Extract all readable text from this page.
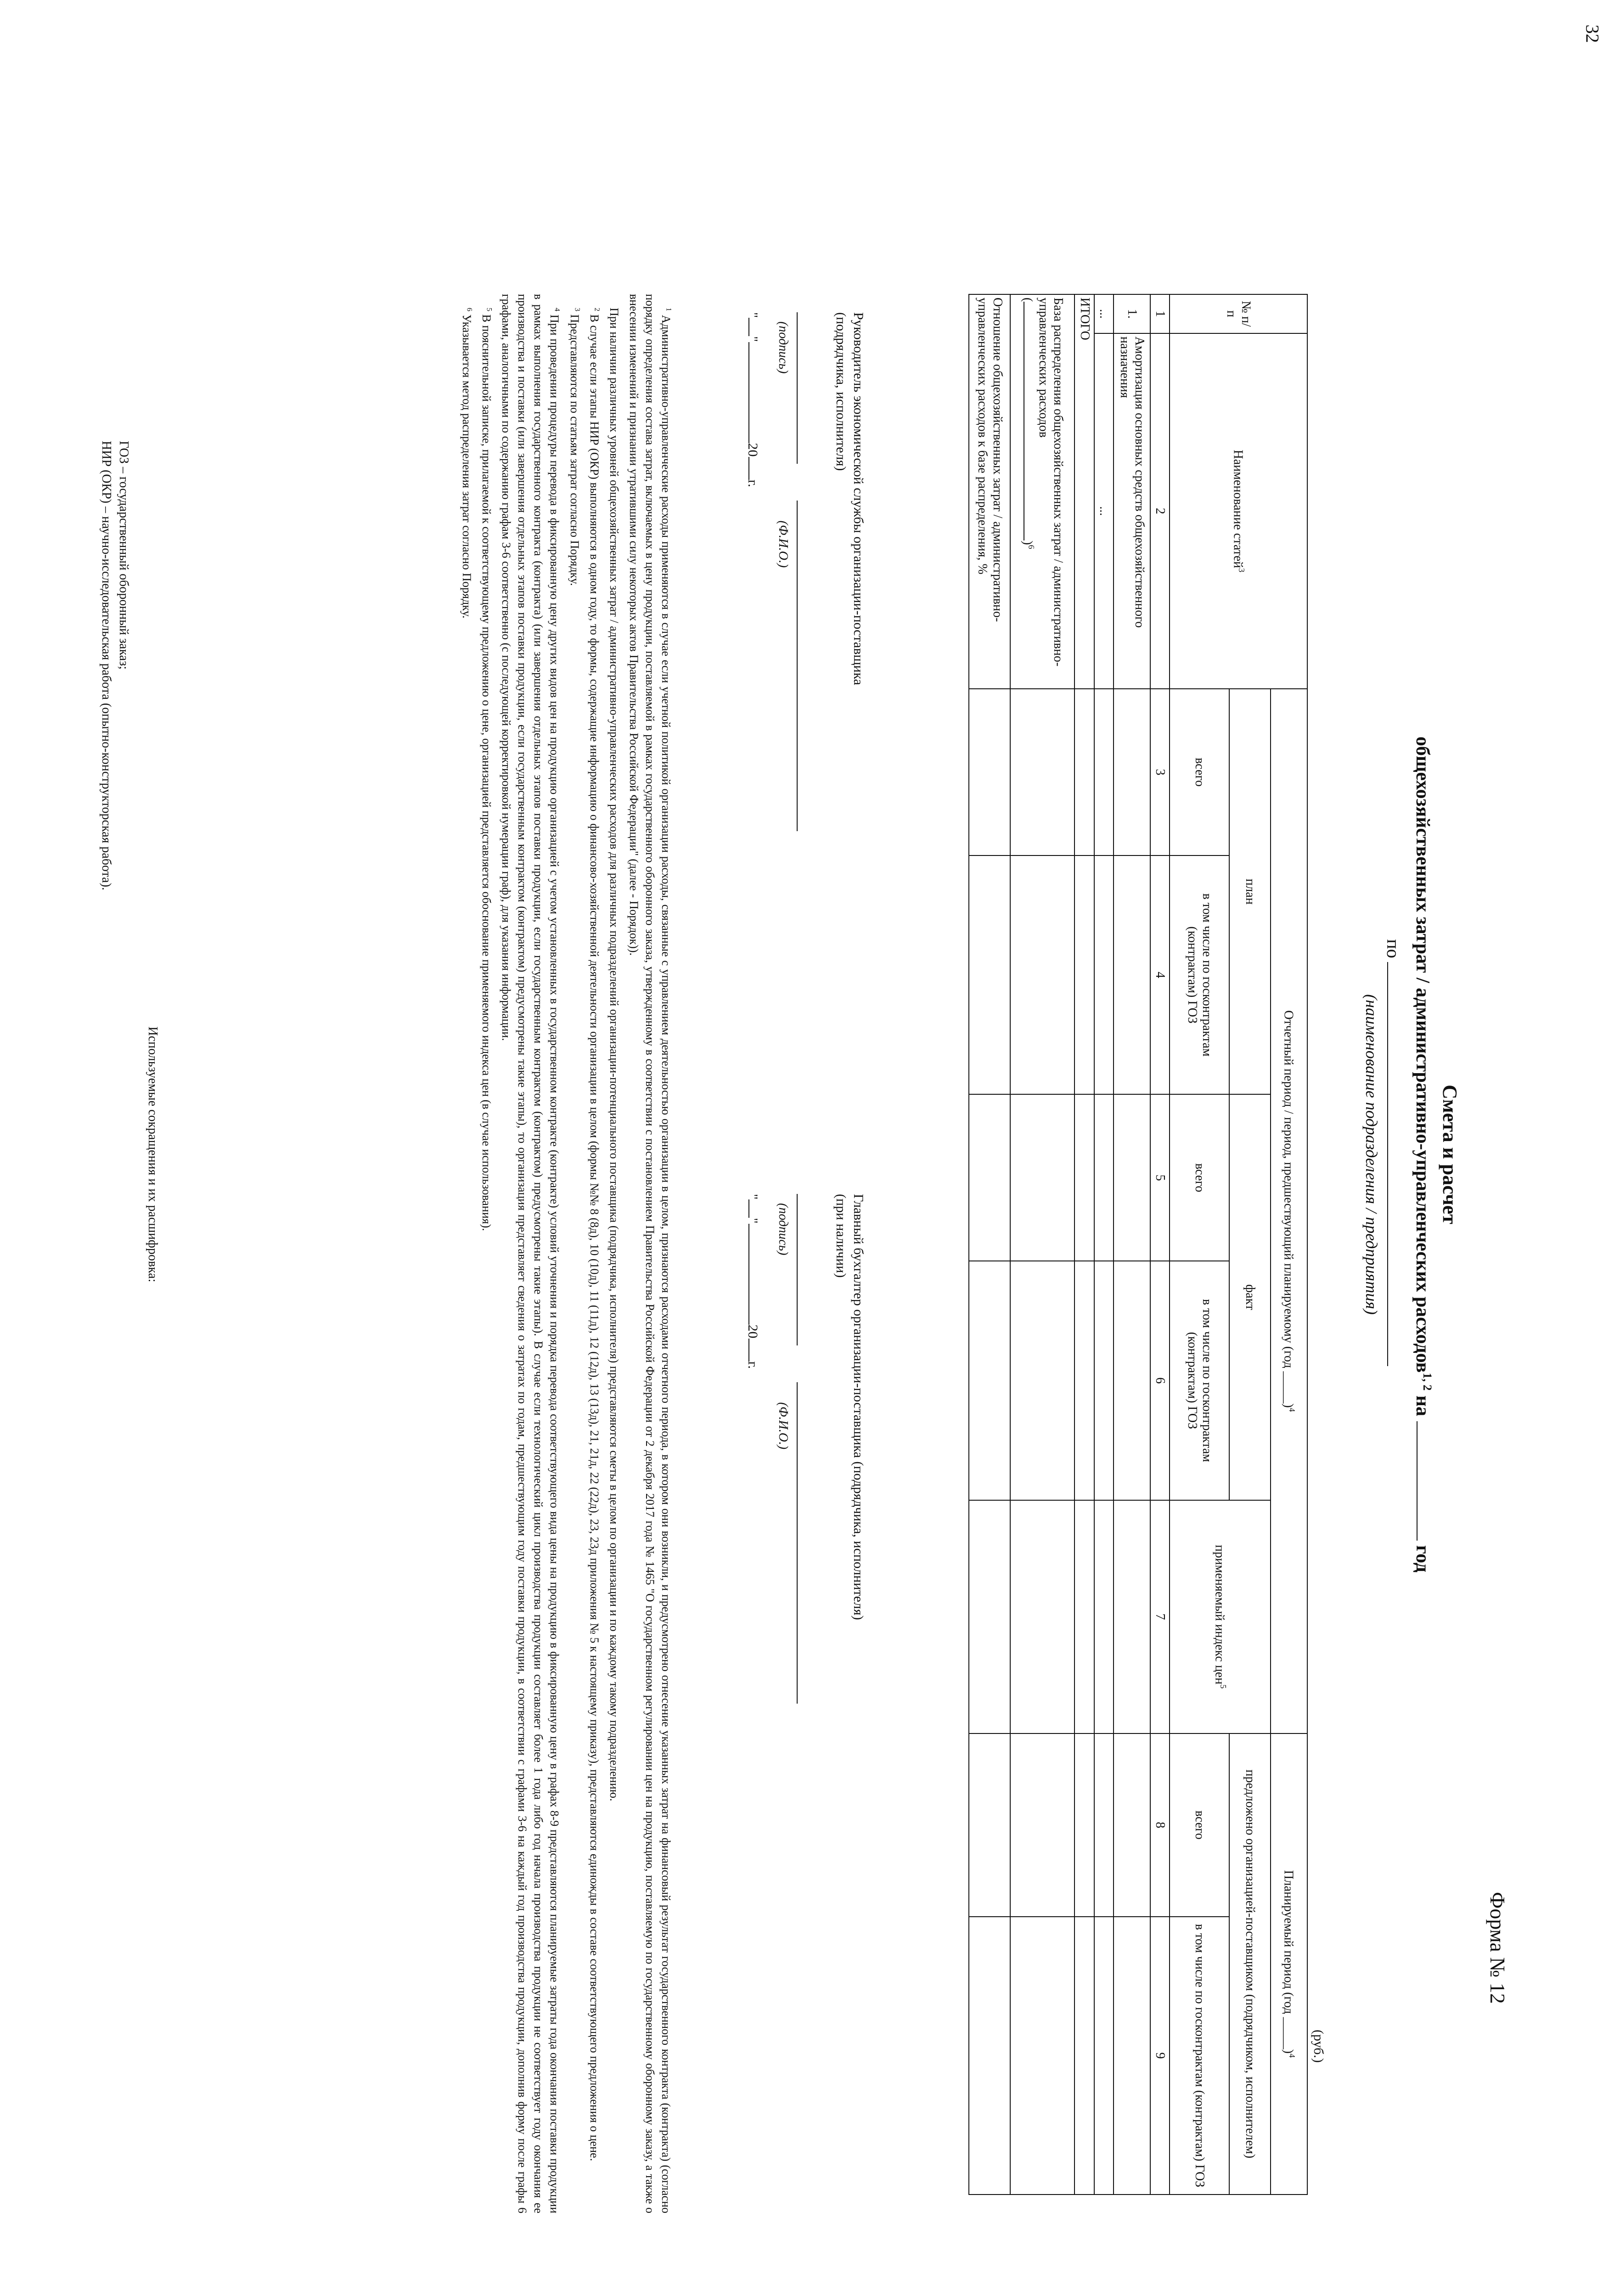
32
Форма № 12
Смета и расчет
общехозяйственных затрат / административно-управленческих расходов$^{1, 2}$ на  год
по
(наименование подразделения / предприятия)
(руб.)
№ п/п	Наименование статей$^3$	Отчетный период / период, предшествующий планируемому (год _____)$^4$					Планируемый период (год _____)$^4$
		план		факт		применяемый индекс цен$^5$	предложено организацией-поставщиком (подрядчиком, исполнителем)	
		всего	в том числе по госконтрактам (контрактам) ГОЗ	всего	в том числе по госконтрактам (контрактам) ГОЗ		всего	в том числе по госконтрактам (контрактам) ГОЗ
1	2	3	4	5	6	7	8	9
1.	Амортизация основных средств общехозяйственного назначения							
...	...							
ИТОГО								
База распределения общехозяйственных затрат / административно-управленческих расходов
()$^6$							
Отношение общехозяйственных затрат / административно-управленческих расходов к базе распределения, %								
Руководитель экономической службы организации-поставщика
(подрядчика, исполнителя)
(подпись)(Ф.И.О.)
""20г.
Главный бухгалтер организации-поставщика (подрядчика, исполнителя)
(при наличии)
(подпись)(Ф.И.О.)
""20г.

$^1$ Административно-управленческие расходы применяются в случае если учетной политикой организации расходы, связанные с управлением деятельностью организации в целом, признаются расходами отчетного периода, в котором они возникли, и предусмотрено отнесение указанных затрат на финансовый результат государственного контракта (контракта) (согласно порядку определения состава затрат, включаемых в цену продукции, поставляемой в рамках государственного оборонного заказа, утвержденному в соответствии с постановлением Правительства Российской Федерации от 2 декабря 2017 года № 1465 "О государственном регулировании цен на продукцию, поставляемую по государственному оборонному заказу, а также о внесении изменений и признании утратившими силу некоторых актов Правительства Российской Федерации" (далее - Порядок)).

При наличии различных уровней общехозяйственных затрат / административно-управленческих расходов для различных подразделений организации-потенциального поставщика (подрядчика, исполнителя) представляются сметы в целом по организации и по каждому такому подразделению.

$^2$ В случае если этапы НИР (ОКР) выполняются в одном году, то формы, содержащие информацию о финансово-хозяйственной деятельности организации в целом (формы №№ 8 (8д), 10 (10д), 11 (11д), 12 (12д), 13 (13д), 21, 21д, 22 (22д), 23, 23д приложения № 5 к настоящему приказу), представляются единожды в составе соответствующего предложения о цене.

$^3$ Представляются по статьям затрат согласно Порядку.

$^4$ При проведении процедуры перевода в фиксированную цену других видов цен на продукцию организацией с учетом установленных в государственном контракте (контракте) условий уточнения и порядка перевода соответствующего вида цены на продукцию в фиксированную цену в графах 8-9 представляются планируемые затраты года окончания поставки продукции в рамках выполнения государственного контракта (контракта) (или завершения отдельных этапов поставки продукции, если государственным контрактом (контрактом) предусмотрены такие этапы). В случае если технологический цикл производства продукции составляет более 1 года либо год начала производства продукции не соответствует году окончания ее производства и поставки (или завершения отдельных этапов поставки продукции, если государственным контрактом (контрактом) предусмотрены такие этапы), то организация представляет сведения о затратах по годам, предшествующим году поставки продукции, в соответствии с графами 3-6 на каждый год производства продукции, дополнив форму после графы 6 графами, аналогичными по содержанию графам 3-6 соответственно (с последующей корректировкой нумерации граф), для указания информации.

$^5$ В пояснительной записке, прилагаемой к соответствующему предложению о цене, организацией представляется обоснование применяемого индекса цен (в случае использования).

$^6$ Указывается метод распределения затрат согласно Порядку.

Используемые сокращения и их расшифровка:
ГОЗ – государственный оборонный заказ;
НИР (ОКР) – научно-исследовательская работа (опытно-конструкторская работа).
